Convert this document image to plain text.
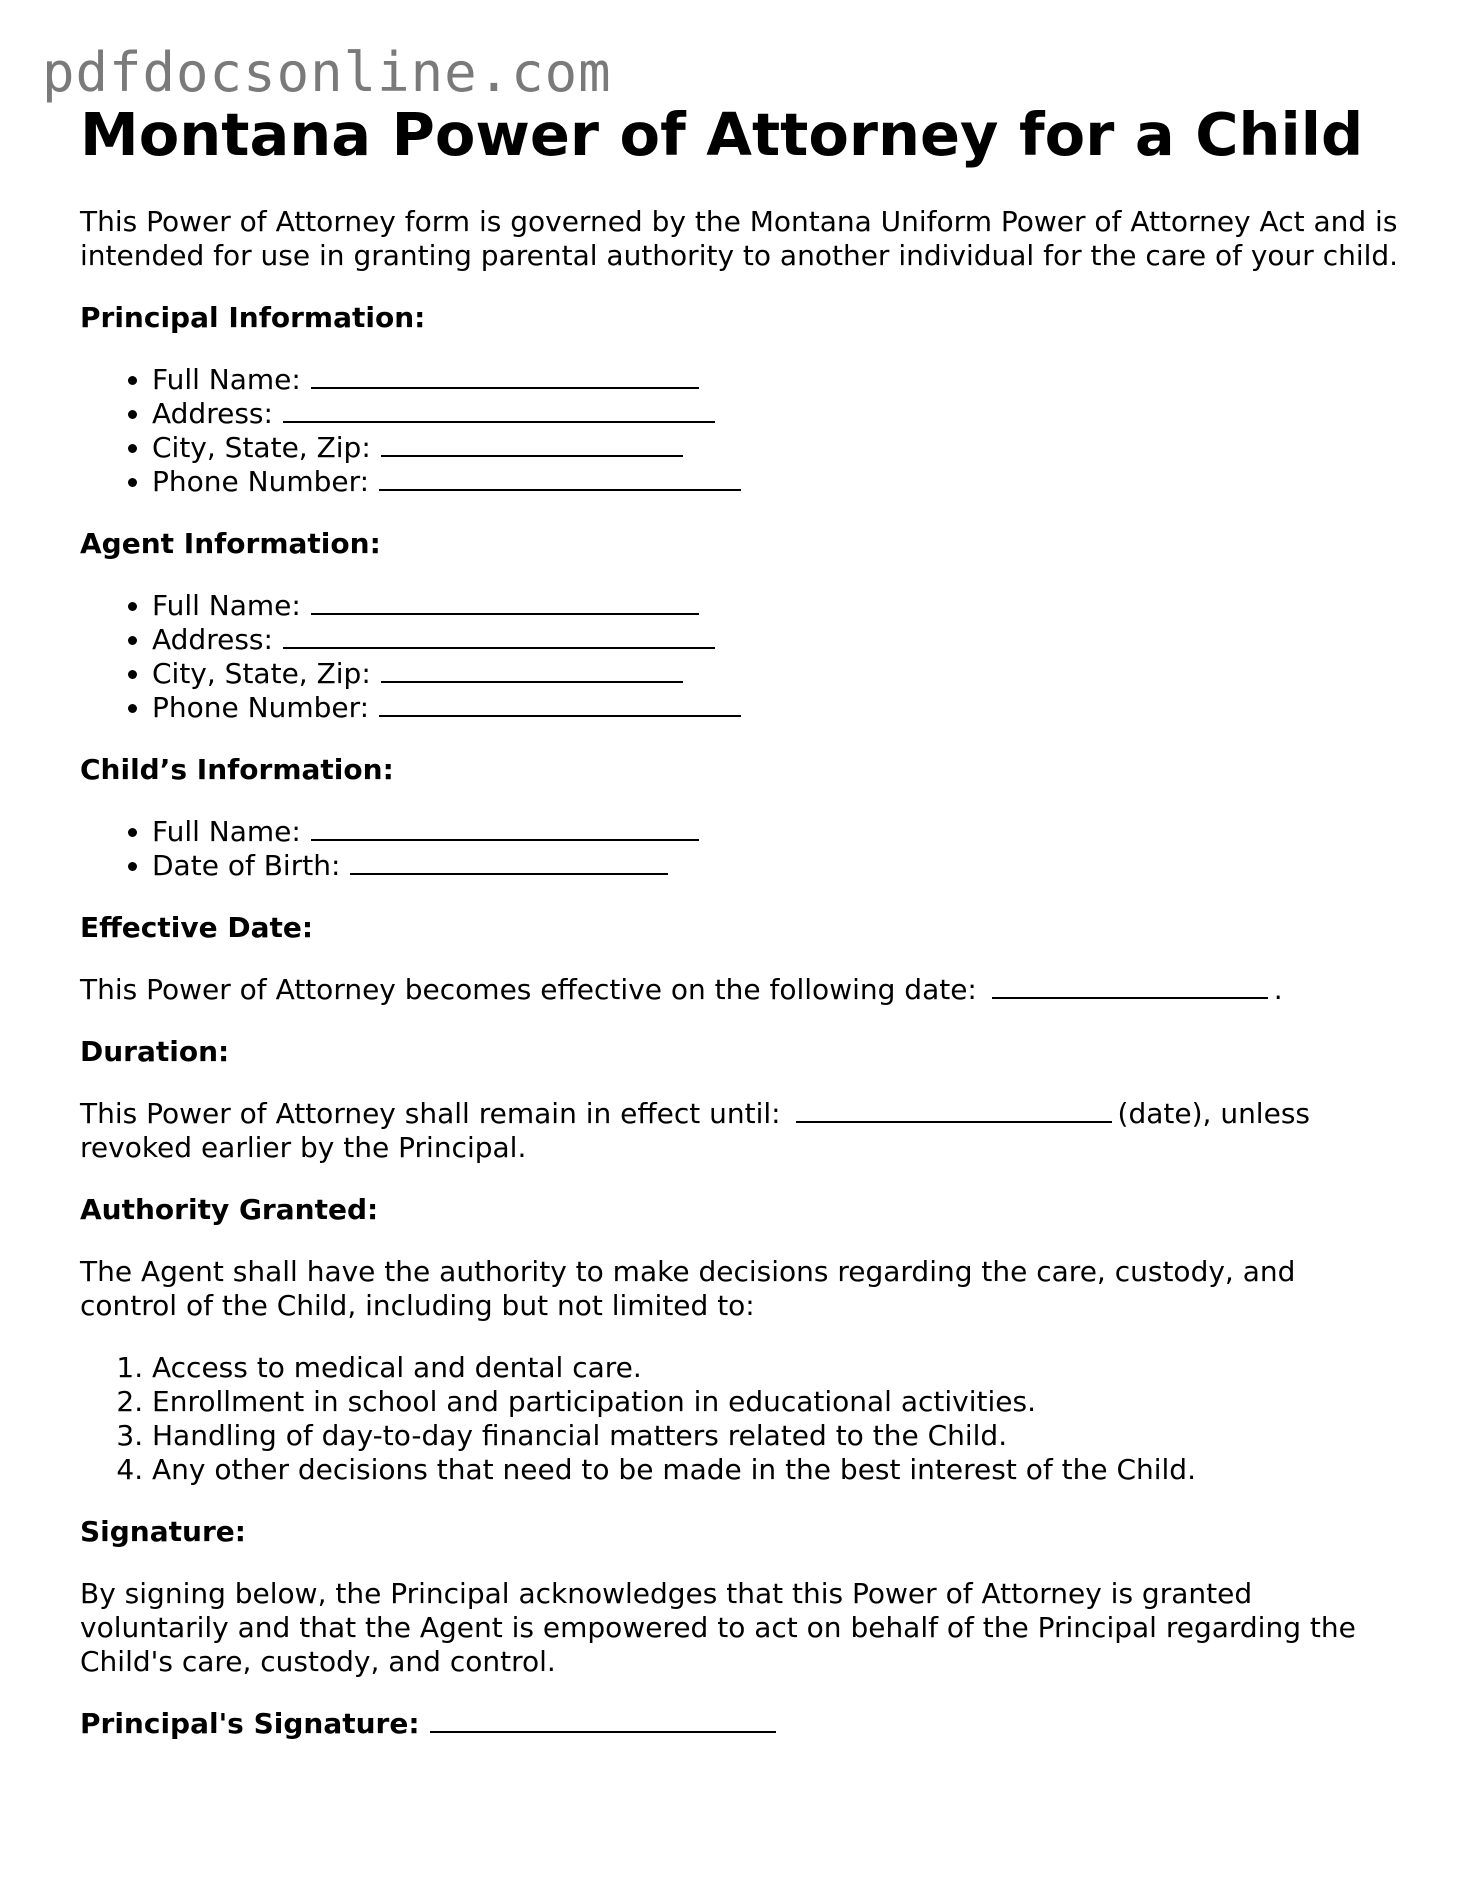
pdfdocsonline.com
Montana Power of Attorney for a Child

This Power of Attorney form is governed by the Montana Uniform Power of Attorney Act and is intended for use in granting parental authority to another individual for the care of your child.

Principal Information:
• Full Name:
• Address:
• City, State, Zip:
• Phone Number:
Agent Information:
• Full Name:
• Address:
• City, State, Zip:
• Phone Number:
Child’s Information:
• Full Name:
• Date of Birth:
Effective Date:

This Power of Attorney becomes effective on the following date:	.

Duration:

This Power of Attorney shall remain in effect until:	(date), unless revoked earlier by the Principal.

Authority Granted:

The Agent shall have the authority to make decisions regarding the care, custody, and control of the Child, including but not limited to:

1. Access to medical and dental care.
2. Enrollment in school and participation in educational activities.
3. Handling of day-to-day financial matters related to the Child.
4. Any other decisions that need to be made in the best interest of the Child.
Signature:

By signing below, the Principal acknowledges that this Power of Attorney is granted voluntarily and that the Agent is empowered to act on behalf of the Principal regarding the Child's care, custody, and control.

Principal's Signature:
